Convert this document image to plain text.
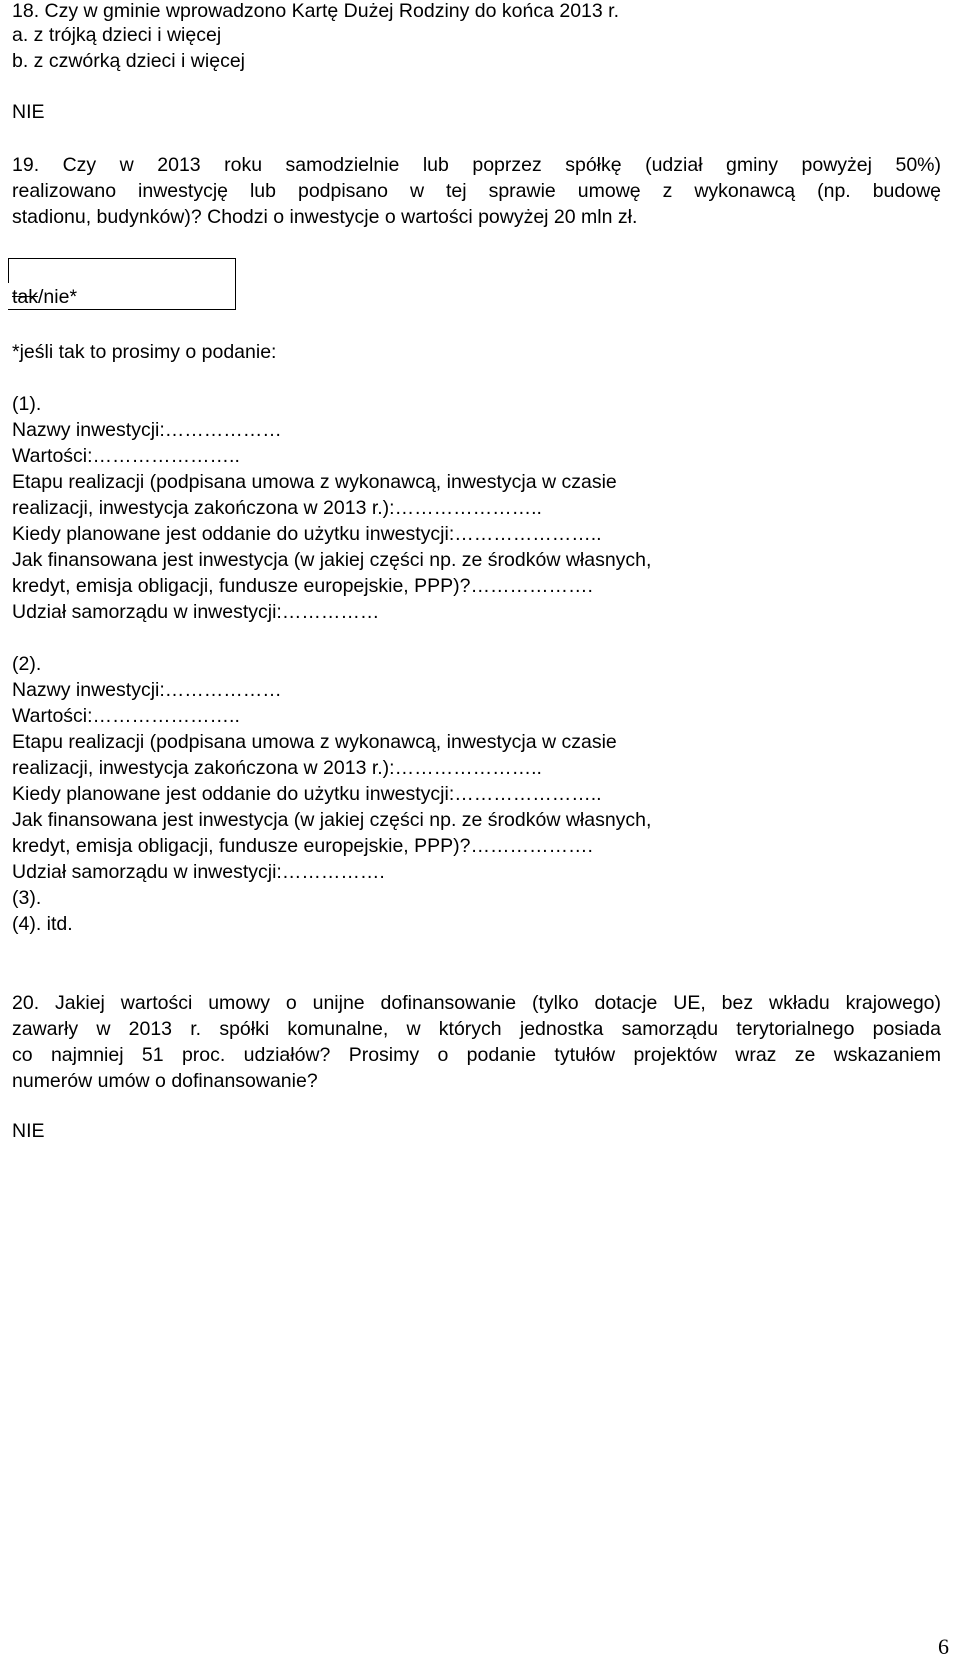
18. Czy w gminie wprowadzono Kartę Dużej Rodziny do końca 2013 r.
a. z trójką dzieci i więcej
b. z czwórką dzieci i więcej
NIE
19. Czy w 2013 roku samodzielnie lub poprzez spółkę (udział gminy powyżej 50%)
realizowano inwestycję lub podpisano w tej sprawie umowę z wykonawcą (np. budowę
stadionu, budynków)? Chodzi o inwestycje o wartości powyżej 20 mln zł.
tak/nie*
*jeśli tak to prosimy o podanie:
(1).
Nazwy inwestycji:………………
Wartości:…………………..
Etapu realizacji (podpisana umowa z wykonawcą, inwestycja w czasie
realizacji, inwestycja zakończona w 2013 r.):…………………..
Kiedy planowane jest oddanie do użytku inwestycji:…………………..
Jak finansowana jest inwestycja (w jakiej części np. ze środków własnych,
kredyt, emisja obligacji, fundusze europejskie, PPP)?……………….
Udział samorządu w inwestycji:……………
(2).
Nazwy inwestycji:………………
Wartości:…………………..
Etapu realizacji (podpisana umowa z wykonawcą, inwestycja w czasie
realizacji, inwestycja zakończona w 2013 r.):…………………..
Kiedy planowane jest oddanie do użytku inwestycji:…………………..
Jak finansowana jest inwestycja (w jakiej części np. ze środków własnych,
kredyt, emisja obligacji, fundusze europejskie, PPP)?……………….
Udział samorządu w inwestycji:…………….
(3).
(4). itd.
20. Jakiej wartości umowy o unijne dofinansowanie (tylko dotacje UE, bez wkładu krajowego)
zawarły w 2013 r. spółki komunalne, w których jednostka samorządu terytorialnego posiada
co najmniej 51 proc. udziałów? Prosimy o podanie tytułów projektów wraz ze wskazaniem
numerów umów o dofinansowanie?
NIE
6
